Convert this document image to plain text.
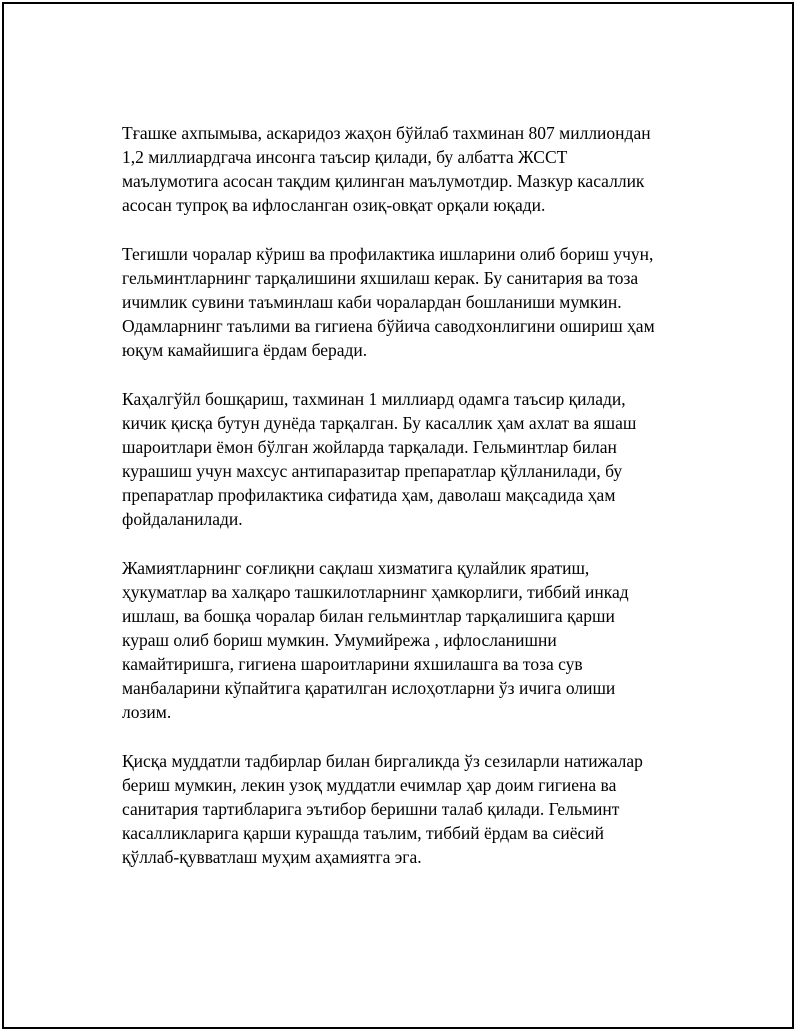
Тғашке ахпымыва, аскаридоз жаҳон бўйлаб тахминан 807 миллиондан
1,2 миллиардгача инсонга таъсир қилади, бу албатта ЖССТ
маълумотига асосан тақдим қилинган маълумотдир. Мазкур касаллик
асосан тупроқ ва ифлосланган озиқ-овқат орқали юқади.

Тегишли чоралар кўриш ва профилактика ишларини олиб бориш учун,
гельминтларнинг тарқалишини яхшилаш керак. Бу санитария ва тоза
ичимлик сувини таъминлаш каби чоралардан бошланиши мумкин.
Одамларнинг таълими ва гигиена бўйича саводхонлигини ошириш ҳам
юқум камайишига ёрдам беради.

Каҳалгўйл бошқариш, тахминан 1 миллиард одамга таъсир қилади,
кичик қисқа бутун дунёда тарқалган. Бу касаллик ҳам ахлат ва яшаш
шароитлари ёмон бўлган жойларда тарқалади. Гельминтлар билан
курашиш учун махсус антипаразитар препаратлар қўлланилади, бу
препаратлар профилактика сифатида ҳам, даволаш мақсадида ҳам
фойдаланилади.

Жамиятларнинг соғлиқни сақлаш хизматига қулайлик яратиш,
ҳукуматлар ва халқаро ташкилотларнинг ҳамкорлиги, тиббий инкад
ишлаш, ва бошқа чоралар билан гельминтлар тарқалишига қарши
кураш олиб бориш мумкин. Умумийрежа , ифлосланишни
камайтиришга, гигиена шароитларини яхшилашга ва тоза сув
манбаларини кўпайтига қаратилган ислоҳотларни ўз ичига олиши
лозим.

Қисқа муддатли тадбирлар билан биргаликда ўз сезиларли натижалар
бериш мумкин, лекин узоқ муддатли ечимлар ҳар доим гигиена ва
санитария тартибларига эътибор беришни талаб қилади. Гельминт
касалликларига қарши курашда таълим, тиббий ёрдам ва сиёсий
қўллаб-қувватлаш муҳим аҳамиятга эга.
